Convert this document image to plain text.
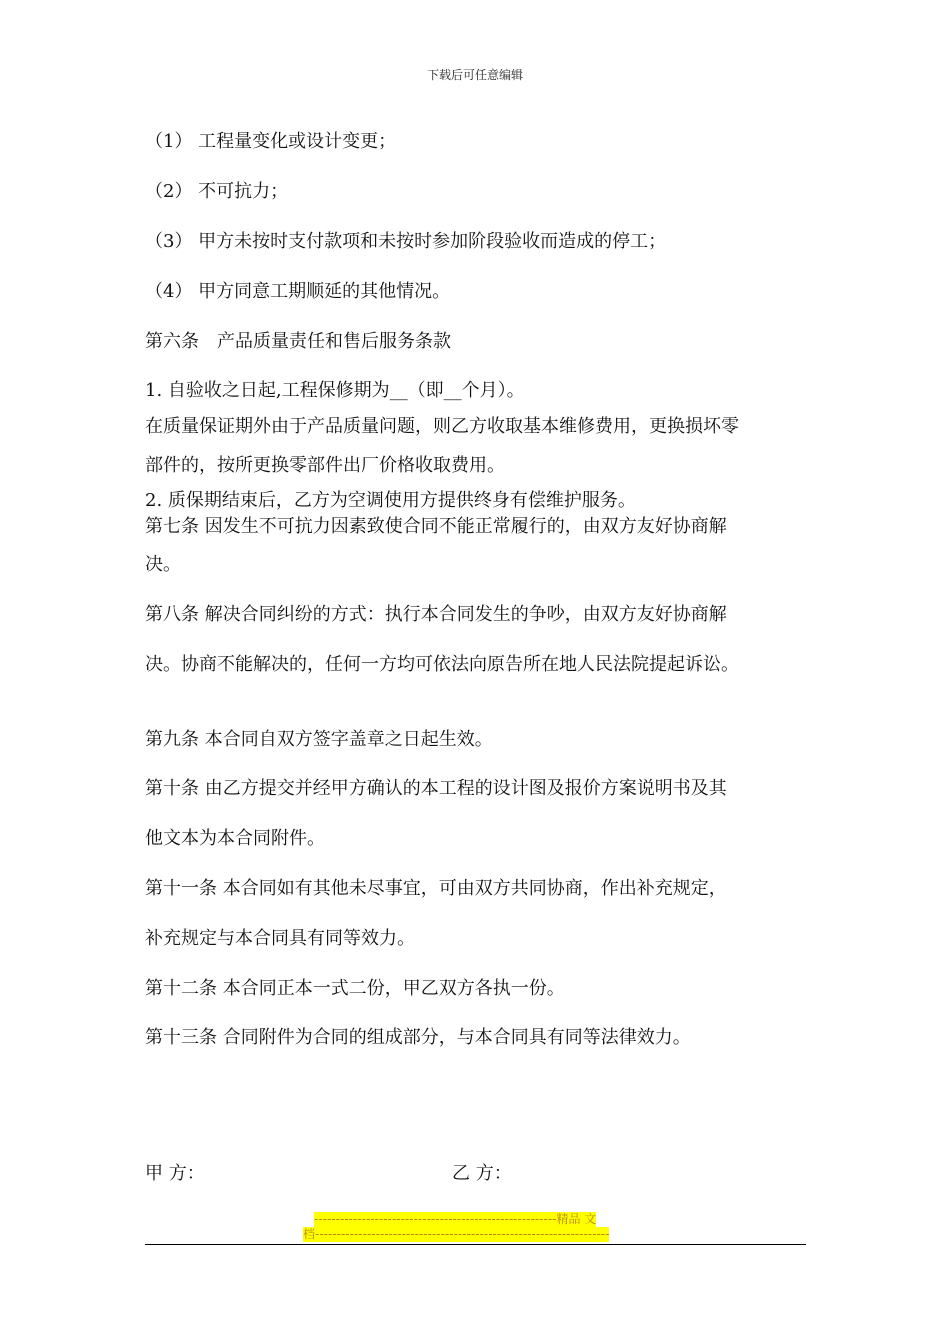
下载后可任意编辑
（1） 工程量变化或设计变更；
（2） 不可抗力；
（3） 甲方未按时支付款项和未按时参加阶段验收而造成的停工；
（4） 甲方同意工期顺延的其他情况。
第六条　产品质量责任和售后服务条款
1. 自验收之日起,工程保修期为__（即__个月）。
在质量保证期外由于产品质量问题，则乙方收取基本维修费用，更换损坏零
部件的，按所更换零部件出厂价格收取费用。
2. 质保期结束后，乙方为空调使用方提供终身有偿维护服务。
第七条 因发生不可抗力因素致使合同不能正常履行的，由双方友好协商解
决。
第八条 解决合同纠纷的方式：执行本合同发生的争吵，由双方友好协商解
决。协商不能解决的，任何一方均可依法向原告所在地人民法院提起诉讼。
第九条 本合同自双方签字盖章之日起生效。
第十条 由乙方提交并经甲方确认的本工程的设计图及报价方案说明书及其
他文本为本合同附件。
第十一条 本合同如有其他未尽事宜，可由双方共同协商，作出补充规定，
补充规定与本合同具有同等效力。
第十二条 本合同正本一式二份，甲乙双方各执一份。
第十三条 合同附件为合同的组成部分，与本合同具有同等法律效力。
甲 方：	乙 方：
--------------------------------------------------------精品 文
档--------------------------------------------------------------------
